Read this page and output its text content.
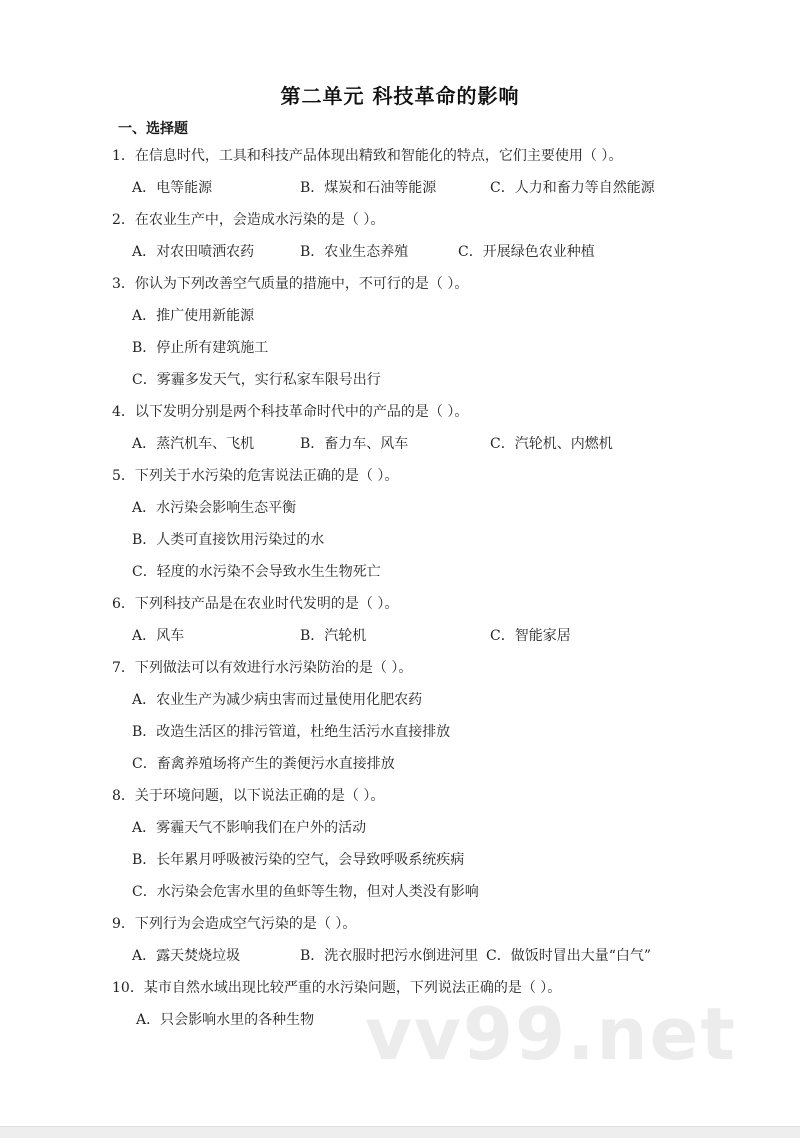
第二单元 科技革命的影响
一、选择题
1．在信息时代，工具和科技产品体现出精致和智能化的特点，它们主要使用（ ）。
A．电等能源	B．煤炭和石油等能源	C．人力和畜力等自然能源
2．在农业生产中，会造成水污染的是（ ）。
A．对农田喷洒农药	B．农业生态养殖	C．开展绿色农业种植
3．你认为下列改善空气质量的措施中，不可行的是（ ）。
A．推广使用新能源
B．停止所有建筑施工
C．雾霾多发天气，实行私家车限号出行
4．以下发明分别是两个科技革命时代中的产品的是（ ）。
A．蒸汽机车、飞机	B．畜力车、风车	C．汽轮机、内燃机
5．下列关于水污染的危害说法正确的是（ ）。
A．水污染会影响生态平衡
B．人类可直接饮用污染过的水
C．轻度的水污染不会导致水生生物死亡
6．下列科技产品是在农业时代发明的是（ ）。
A．风车	B．汽轮机	C．智能家居
7．下列做法可以有效进行水污染防治的是（ ）。
A．农业生产为减少病虫害而过量使用化肥农药
B．改造生活区的排污管道，杜绝生活污水直接排放
C．畜禽养殖场将产生的粪便污水直接排放
8．关于环境问题，以下说法正确的是（ ）。
A．雾霾天气不影响我们在户外的活动
B．长年累月呼吸被污染的空气，会导致呼吸系统疾病
C．水污染会危害水里的鱼虾等生物，但对人类没有影响
9．下列行为会造成空气污染的是（ ）。
A．露天焚烧垃圾	B．洗衣服时把污水倒进河里 C．做饭时冒出大量“白气”
10．某市自然水域出现比较严重的水污染问题，下列说法正确的是（ ）。
A．只会影响水里的各种生物 vv99.net
